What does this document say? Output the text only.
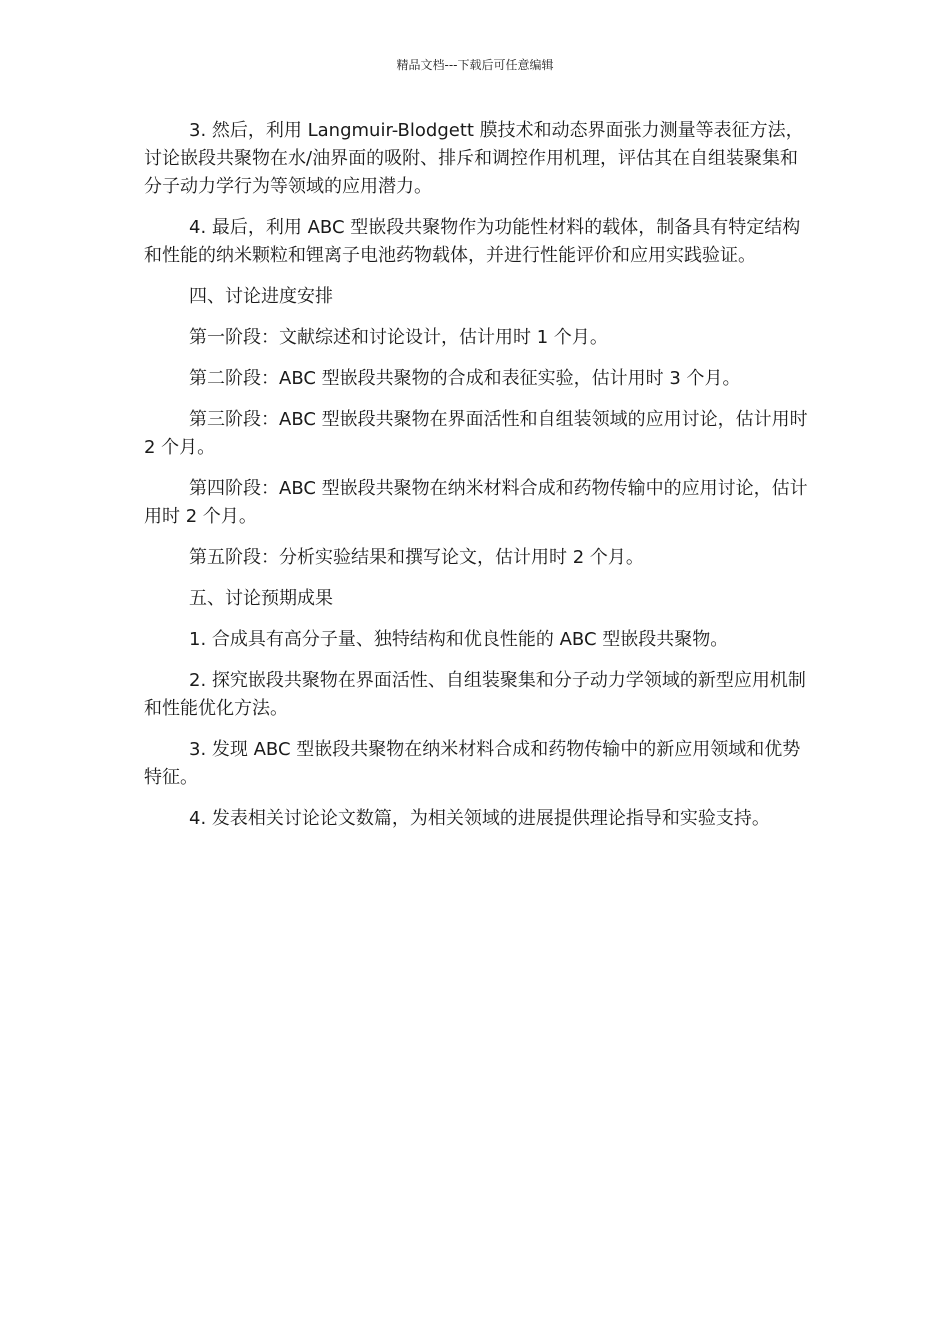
精品文档---下载后可任意编辑

3. 然后，利用 Langmuir-Blodgett 膜技术和动态界面张力测量等表征方法，讨论嵌段共聚物在水/油界面的吸附、排斥和调控作用机理，评估其在自组装聚集和分子动力学行为等领域的应用潜力。

4. 最后，利用 ABC 型嵌段共聚物作为功能性材料的载体，制备具有特定结构和性能的纳米颗粒和锂离子电池药物载体，并进行性能评价和应用实践验证。

四、讨论进度安排

第一阶段：文献综述和讨论设计，估计用时 1 个月。

第二阶段：ABC 型嵌段共聚物的合成和表征实验，估计用时 3 个月。

第三阶段：ABC 型嵌段共聚物在界面活性和自组装领域的应用讨论，估计用时 2 个月。

第四阶段：ABC 型嵌段共聚物在纳米材料合成和药物传输中的应用讨论，估计用时 2 个月。

第五阶段：分析实验结果和撰写论文，估计用时 2 个月。

五、讨论预期成果

1. 合成具有高分子量、独特结构和优良性能的 ABC 型嵌段共聚物。

2. 探究嵌段共聚物在界面活性、自组装聚集和分子动力学领域的新型应用机制和性能优化方法。

3. 发现 ABC 型嵌段共聚物在纳米材料合成和药物传输中的新应用领域和优势特征。

4. 发表相关讨论论文数篇，为相关领域的进展提供理论指导和实验支持。
